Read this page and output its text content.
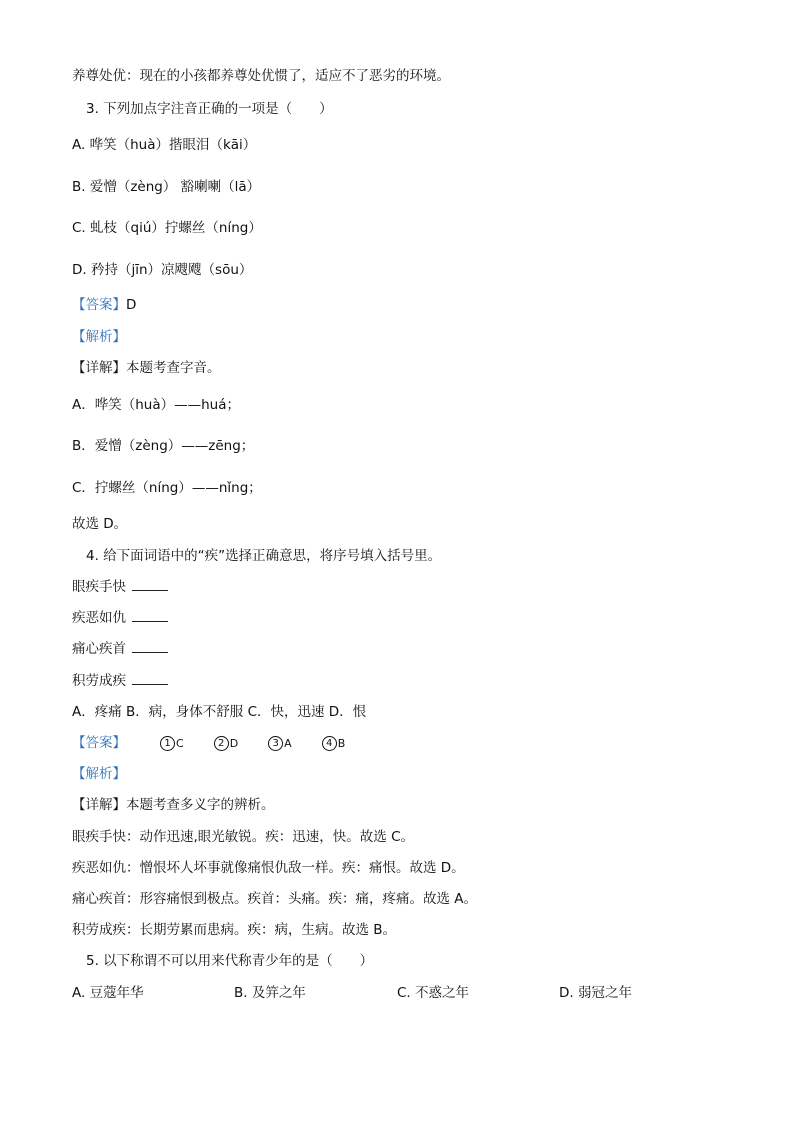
养尊处优：现在的小孩都养尊处优惯了，适应不了恶劣的环境。
3. 下列加点字注音正确的一项是（　　）
A. 哗笑（huà）揩眼泪（kāi）
B. 爱憎（zèng） 豁喇喇（lā）
C. 虬枝（qiú）拧螺丝（níng）
D. 矜持（jīn）凉飕飕（sōu）
【答案】D
【解析】
【详解】本题考查字音。
A．哗笑（huà）——huá；
B．爱憎（zèng）——zēng；
C．拧螺丝（níng）——nǐng；
故选 D。
4. 给下面词语中的“疾”选择正确意思，将序号填入括号里。
眼疾手快
疾恶如仇
痛心疾首
积劳成疾
A．疼痛 B．病，身体不舒服 C．快，迅速 D．恨
【答案】	1 C	2 D	3 A	4 B
【解析】
【详解】本题考查多义字的辨析。
眼疾手快：动作迅速,眼光敏锐。疾：迅速，快。故选 C。
疾恶如仇：憎恨坏人坏事就像痛恨仇敌一样。疾：痛恨。故选 D。
痛心疾首：形容痛恨到极点。疾首：头痛。疾：痛，疼痛。故选 A。
积劳成疾：长期劳累而患病。疾：病，生病。故选 B。
5. 以下称谓不可以用来代称青少年的是（　　）
A. 豆蔻年华	B. 及笄之年	C. 不惑之年	D. 弱冠之年
